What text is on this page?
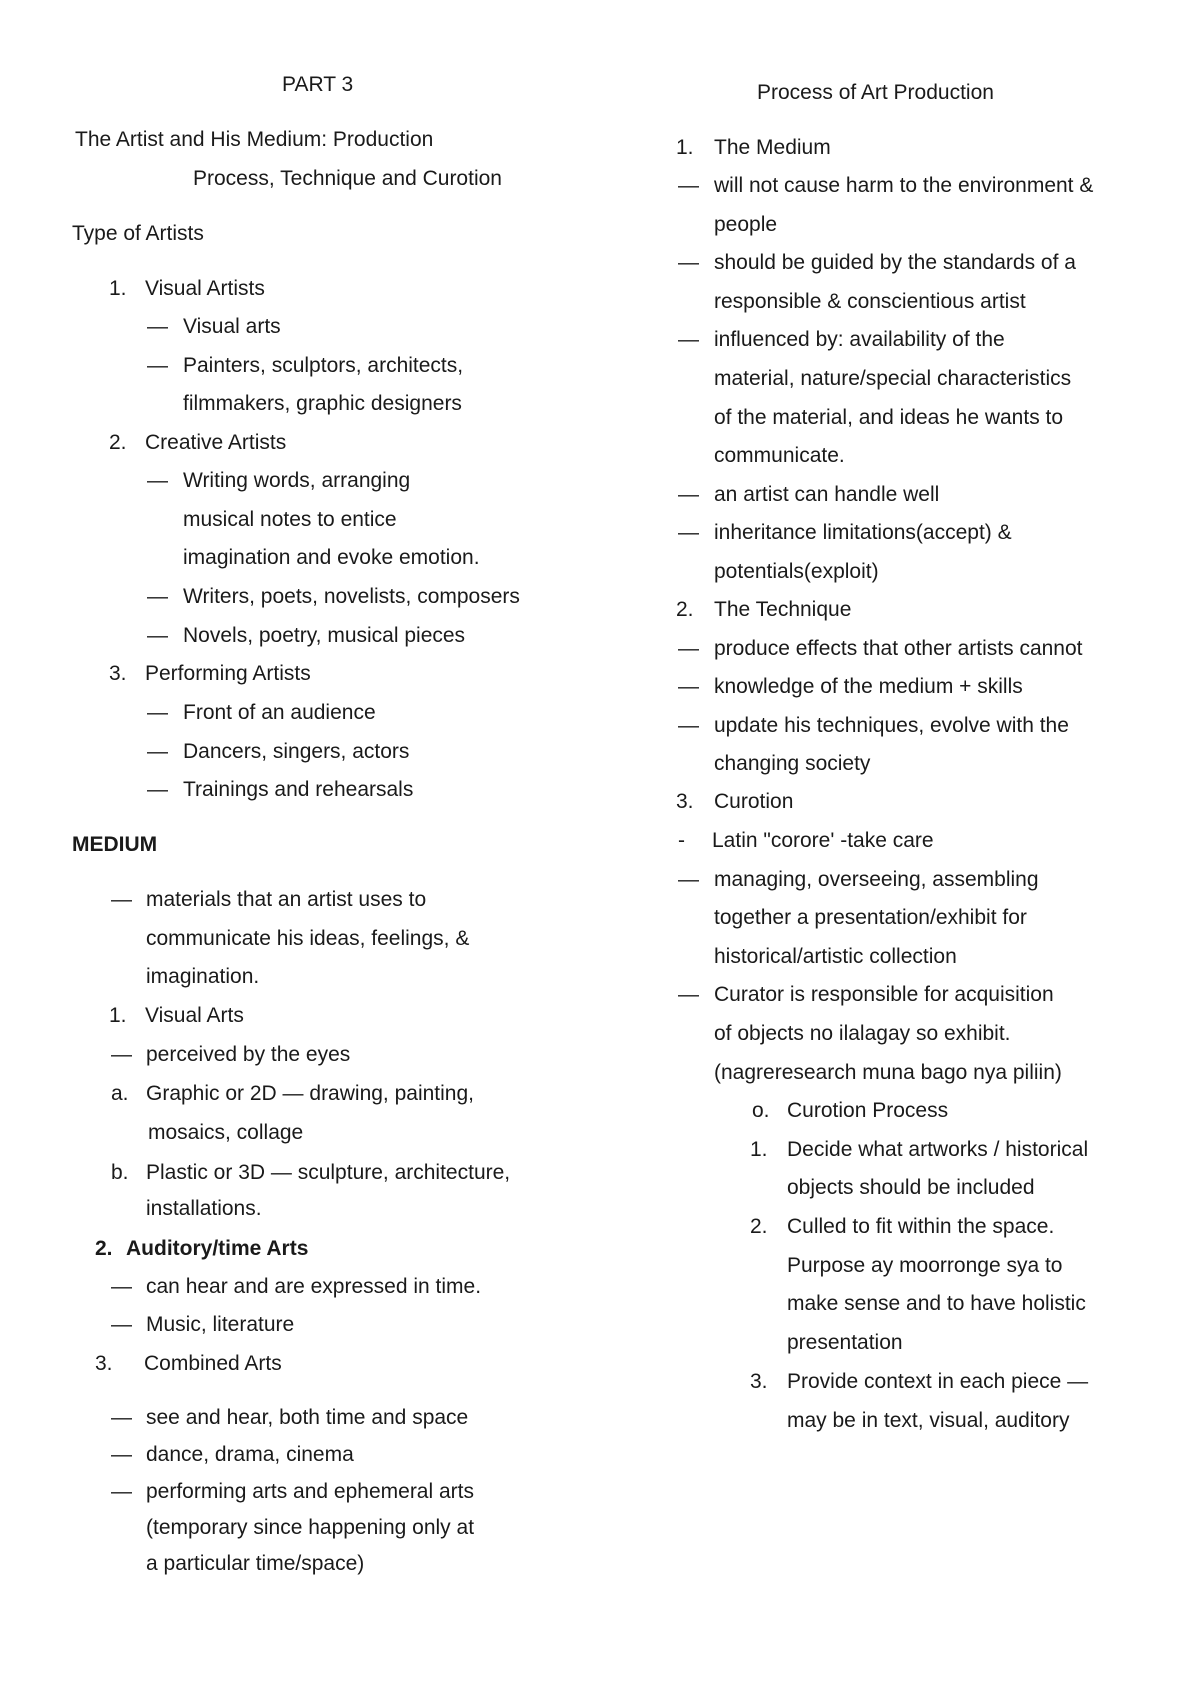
PART 3
The Artist and His Medium: Production
Process, Technique and Curotion
Type of Artists
1. Visual Artists
— Visual arts
— Painters, sculptors, architects,
filmmakers, graphic designers
2. Creative Artists
— Writing words, arranging
musical notes to entice
imagination and evoke emotion.
— Writers, poets, novelists, composers
— Novels, poetry, musical pieces
3. Performing Artists
— Front of an audience
— Dancers, singers, actors
— Trainings and rehearsals
MEDIUM
— materials that an artist uses to
communicate his ideas, feelings, &
imagination.
1. Visual Arts
— perceived by the eyes
a. Graphic or 2D — drawing, painting,
mosaics, collage
b. Plastic or 3D — sculpture, architecture,
installations.
2. Auditory/time Arts
— can hear and are expressed in time.
— Music, literature
3. Combined Arts
— see and hear, both time and space
— dance, drama, cinema
— performing arts and ephemeral arts
(temporary since happening only at
a particular time/space)
Process of Art Production
1. The Medium
— will not cause harm to the environment &
people
— should be guided by the standards of a
responsible & conscientious artist
— influenced by: availability of the
material, nature/special characteristics
of the material, and ideas he wants to
communicate.
— an artist can handle well
— inheritance limitations(accept) &
potentials(exploit)
2. The Technique
— produce effects that other artists cannot
— knowledge of the medium + skills
— update his techniques, evolve with the
changing society
3. Curotion
- Latin "corore' -take care
— managing, overseeing, assembling
together a presentation/exhibit for
historical/artistic collection
— Curator is responsible for acquisition
of objects no ilalagay so exhibit.
(nagreresearch muna bago nya piliin)
o. Curotion Process
1. Decide what artworks / historical
objects should be included
2. Culled to fit within the space.
Purpose ay moorronge sya to
make sense and to have holistic
presentation
3. Provide context in each piece —
may be in text, visual, auditory
